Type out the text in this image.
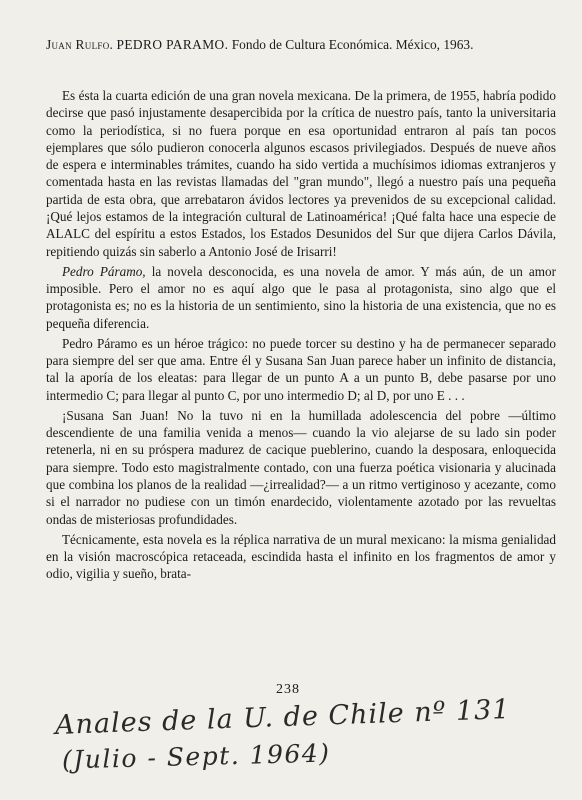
Juan Rulfo. PEDRO PARAMO. Fondo de Cultura Económica. México, 1963.

Es ésta la cuarta edición de una gran novela mexicana. De la primera, de 1955, habría podido decirse que pasó injustamente desapercibida por la crítica de nuestro país, tanto la universitaria como la periodística, si no fuera porque en esa oportunidad entraron al país tan pocos ejemplares que sólo pudieron conocerla algunos escasos privilegiados. Después de nueve años de espera e interminables trámites, cuando ha sido vertida a muchísimos idiomas extranjeros y comentada hasta en las revistas llamadas del "gran mundo", llegó a nuestro país una pequeña partida de esta obra, que arrebataron ávidos lectores ya prevenidos de su excepcional calidad. ¡Qué lejos estamos de la integración cultural de Latinoamérica! ¡Qué falta hace una especie de ALALC del espíritu a estos Estados, los Estados Desunidos del Sur que dijera Carlos Dávila, repitiendo quizás sin saberlo a Antonio José de Irisarri!

Pedro Páramo, la novela desconocida, es una novela de amor. Y más aún, de un amor imposible. Pero el amor no es aquí algo que le pasa al protagonista, sino algo que el protagonista es; no es la historia de un sentimiento, sino la historia de una existencia, que no es pequeña diferencia.

Pedro Páramo es un héroe trágico: no puede torcer su destino y ha de permanecer separado para siempre del ser que ama. Entre él y Susana San Juan parece haber un infinito de distancia, tal la aporía de los eleatas: para llegar de un punto A a un punto B, debe pasarse por uno intermedio C; para llegar al punto C, por uno intermedio D; al D, por uno E . . .

¡Susana San Juan! No la tuvo ni en la humillada adolescencia del pobre —último descendiente de una familia venida a menos— cuando la vio alejarse de su lado sin poder retenerla, ni en su próspera madurez de cacique pueblerino, cuando la desposara, enloquecida para siempre. Todo esto magistralmente contado, con una fuerza poética visionaria y alucinada que combina los planos de la realidad —¿irrealidad?— a un ritmo vertiginoso y acezante, como si el narrador no pudiese con un timón enardecido, violentamente azotado por las revueltas ondas de misteriosas profundidades.

Técnicamente, esta novela es la réplica narrativa de un mural mexicano: la misma genialidad en la visión macroscópica retaceada, escindida hasta el infinito en los fragmentos de amor y odio, vigilia y sueño, brata-

238
Anales de la U. de Chile nº 131
(Julio - Sept. 1964)
